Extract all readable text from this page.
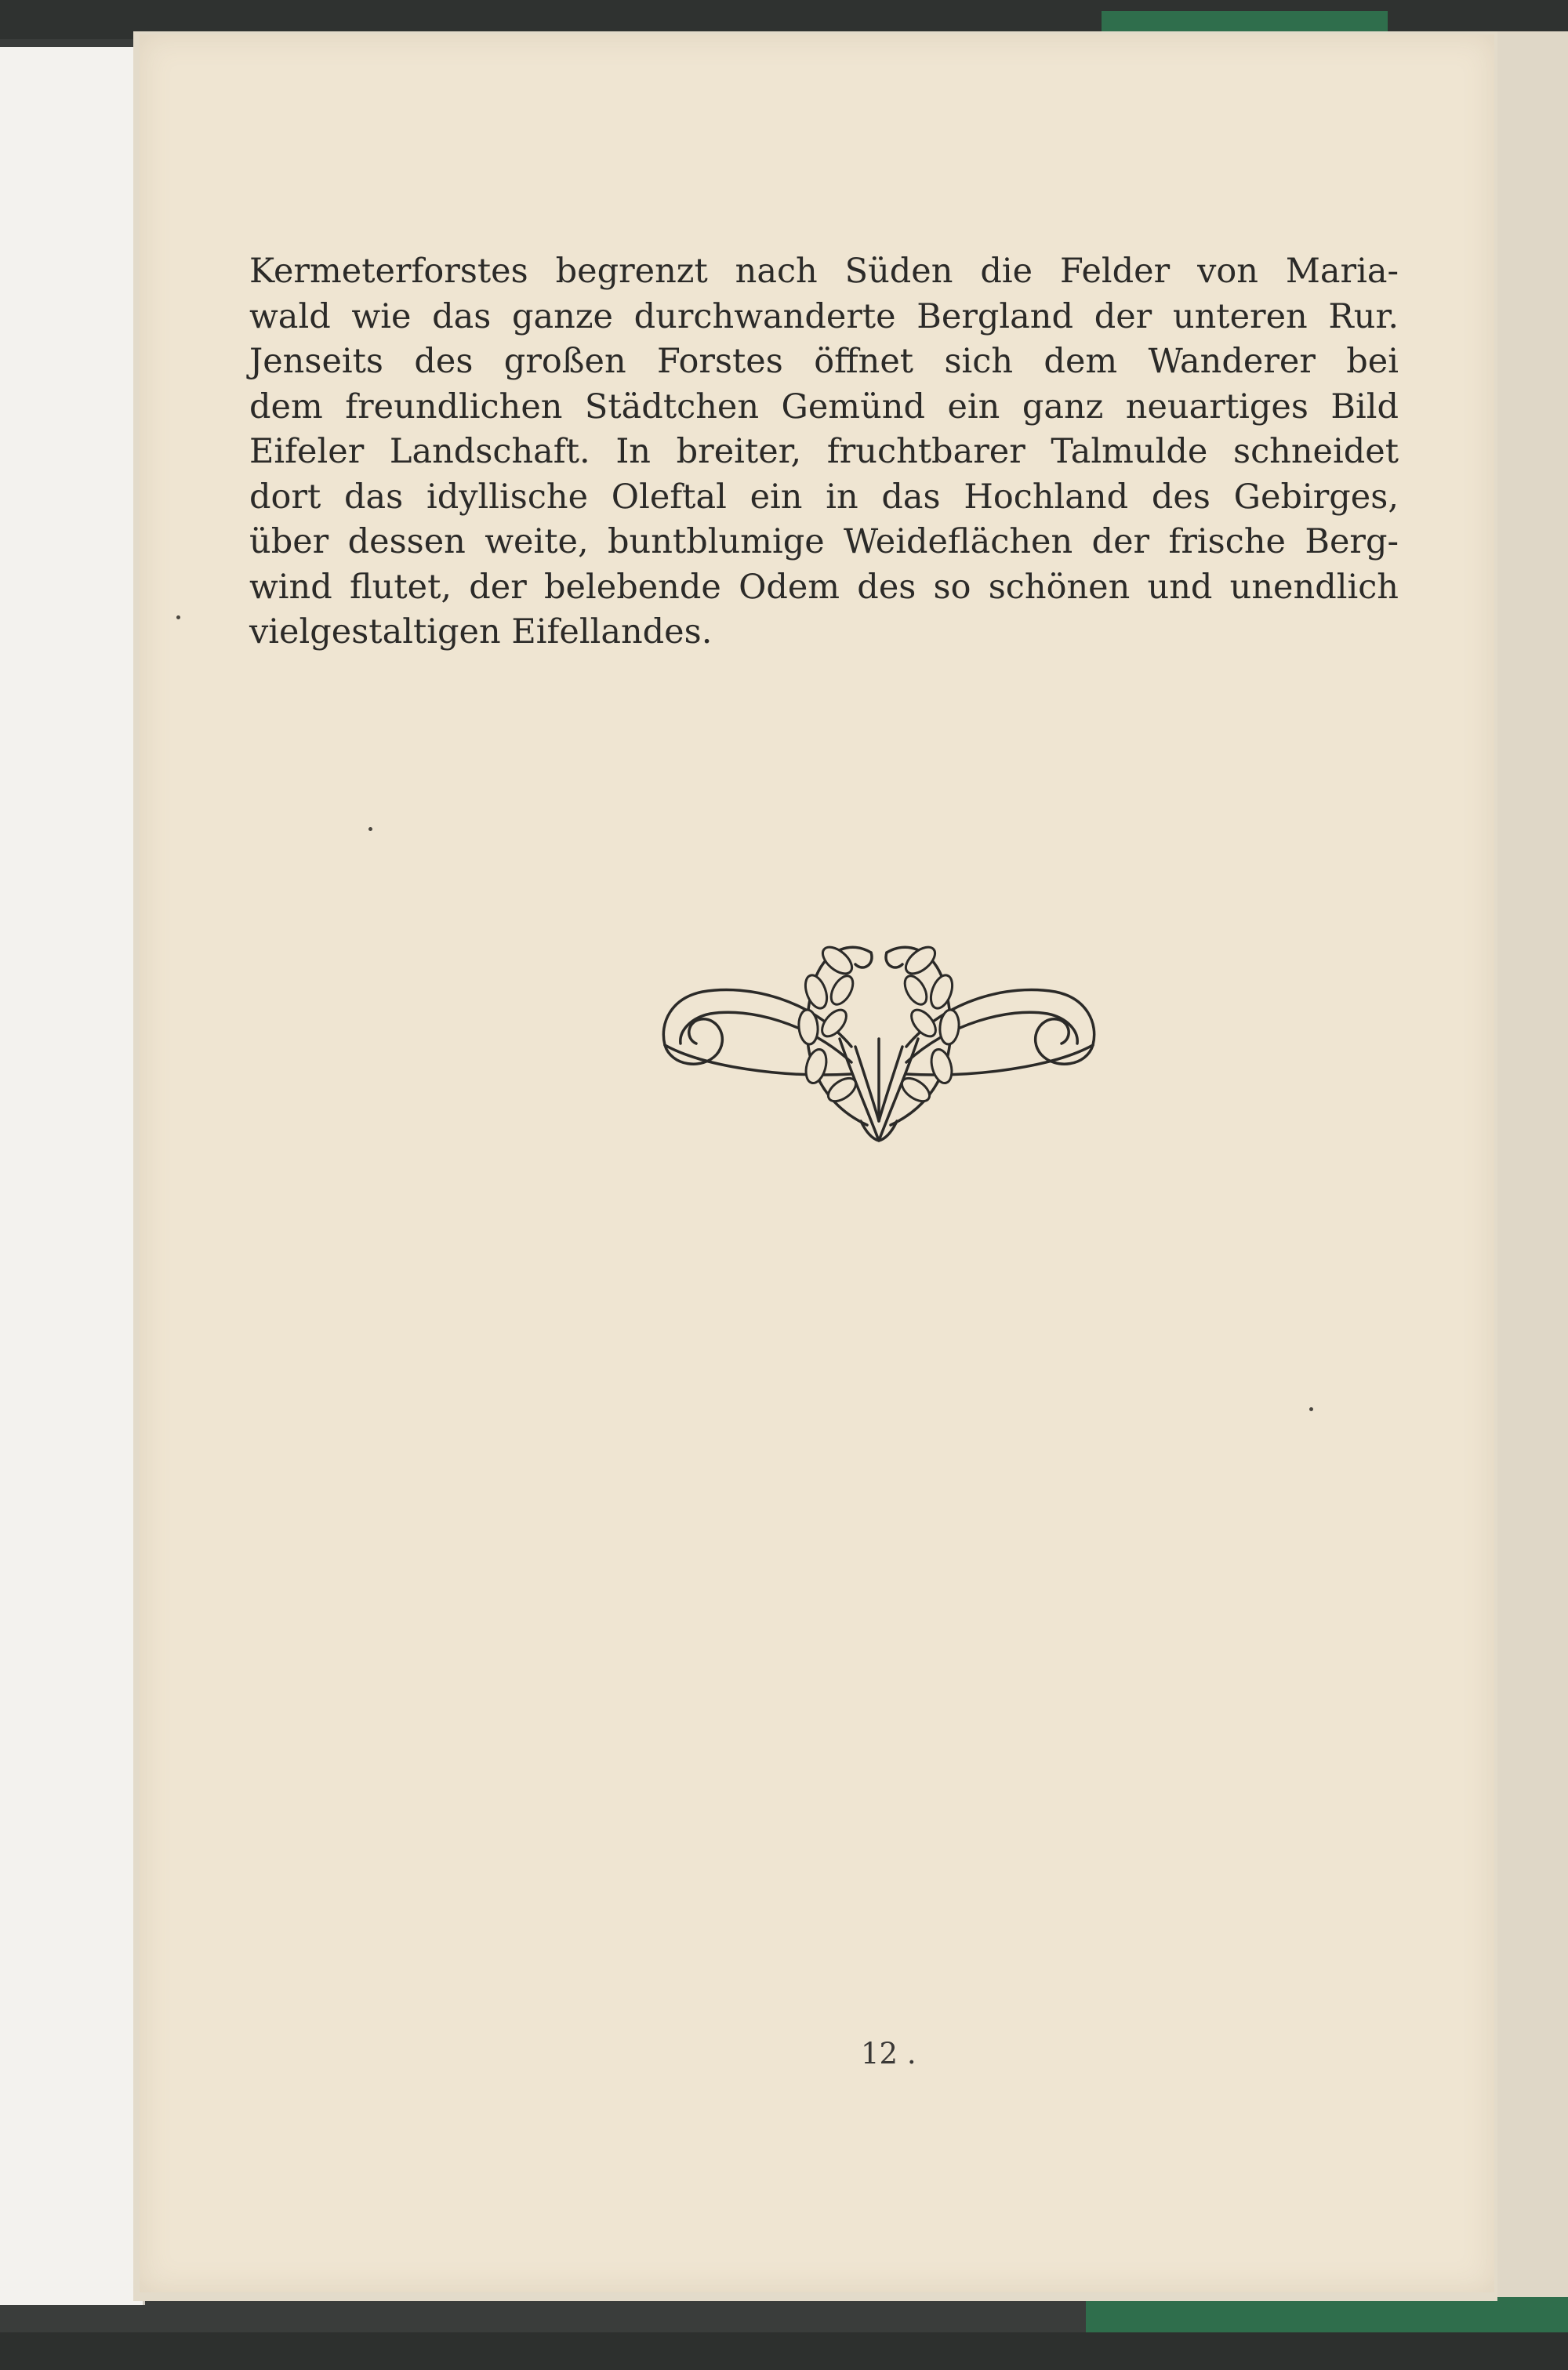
Kermeterforstes begrenzt nach Süden die Felder von Maria-
wald wie das ganze durchwanderte Bergland der unteren Rur.
Jenseits des großen Forstes öffnet sich dem Wanderer bei
dem freundlichen Städtchen Gemünd ein ganz neuartiges Bild
Eifeler Landschaft. In breiter, fruchtbarer Talmulde schneidet
dort das idyllische Oleftal ein in das Hochland des Gebirges,
über dessen weite, buntblumige Weideflächen der frische Berg-
wind flutet, der belebende Odem des so schönen und unendlich
vielgestaltigen Eifellandes.
12 .
